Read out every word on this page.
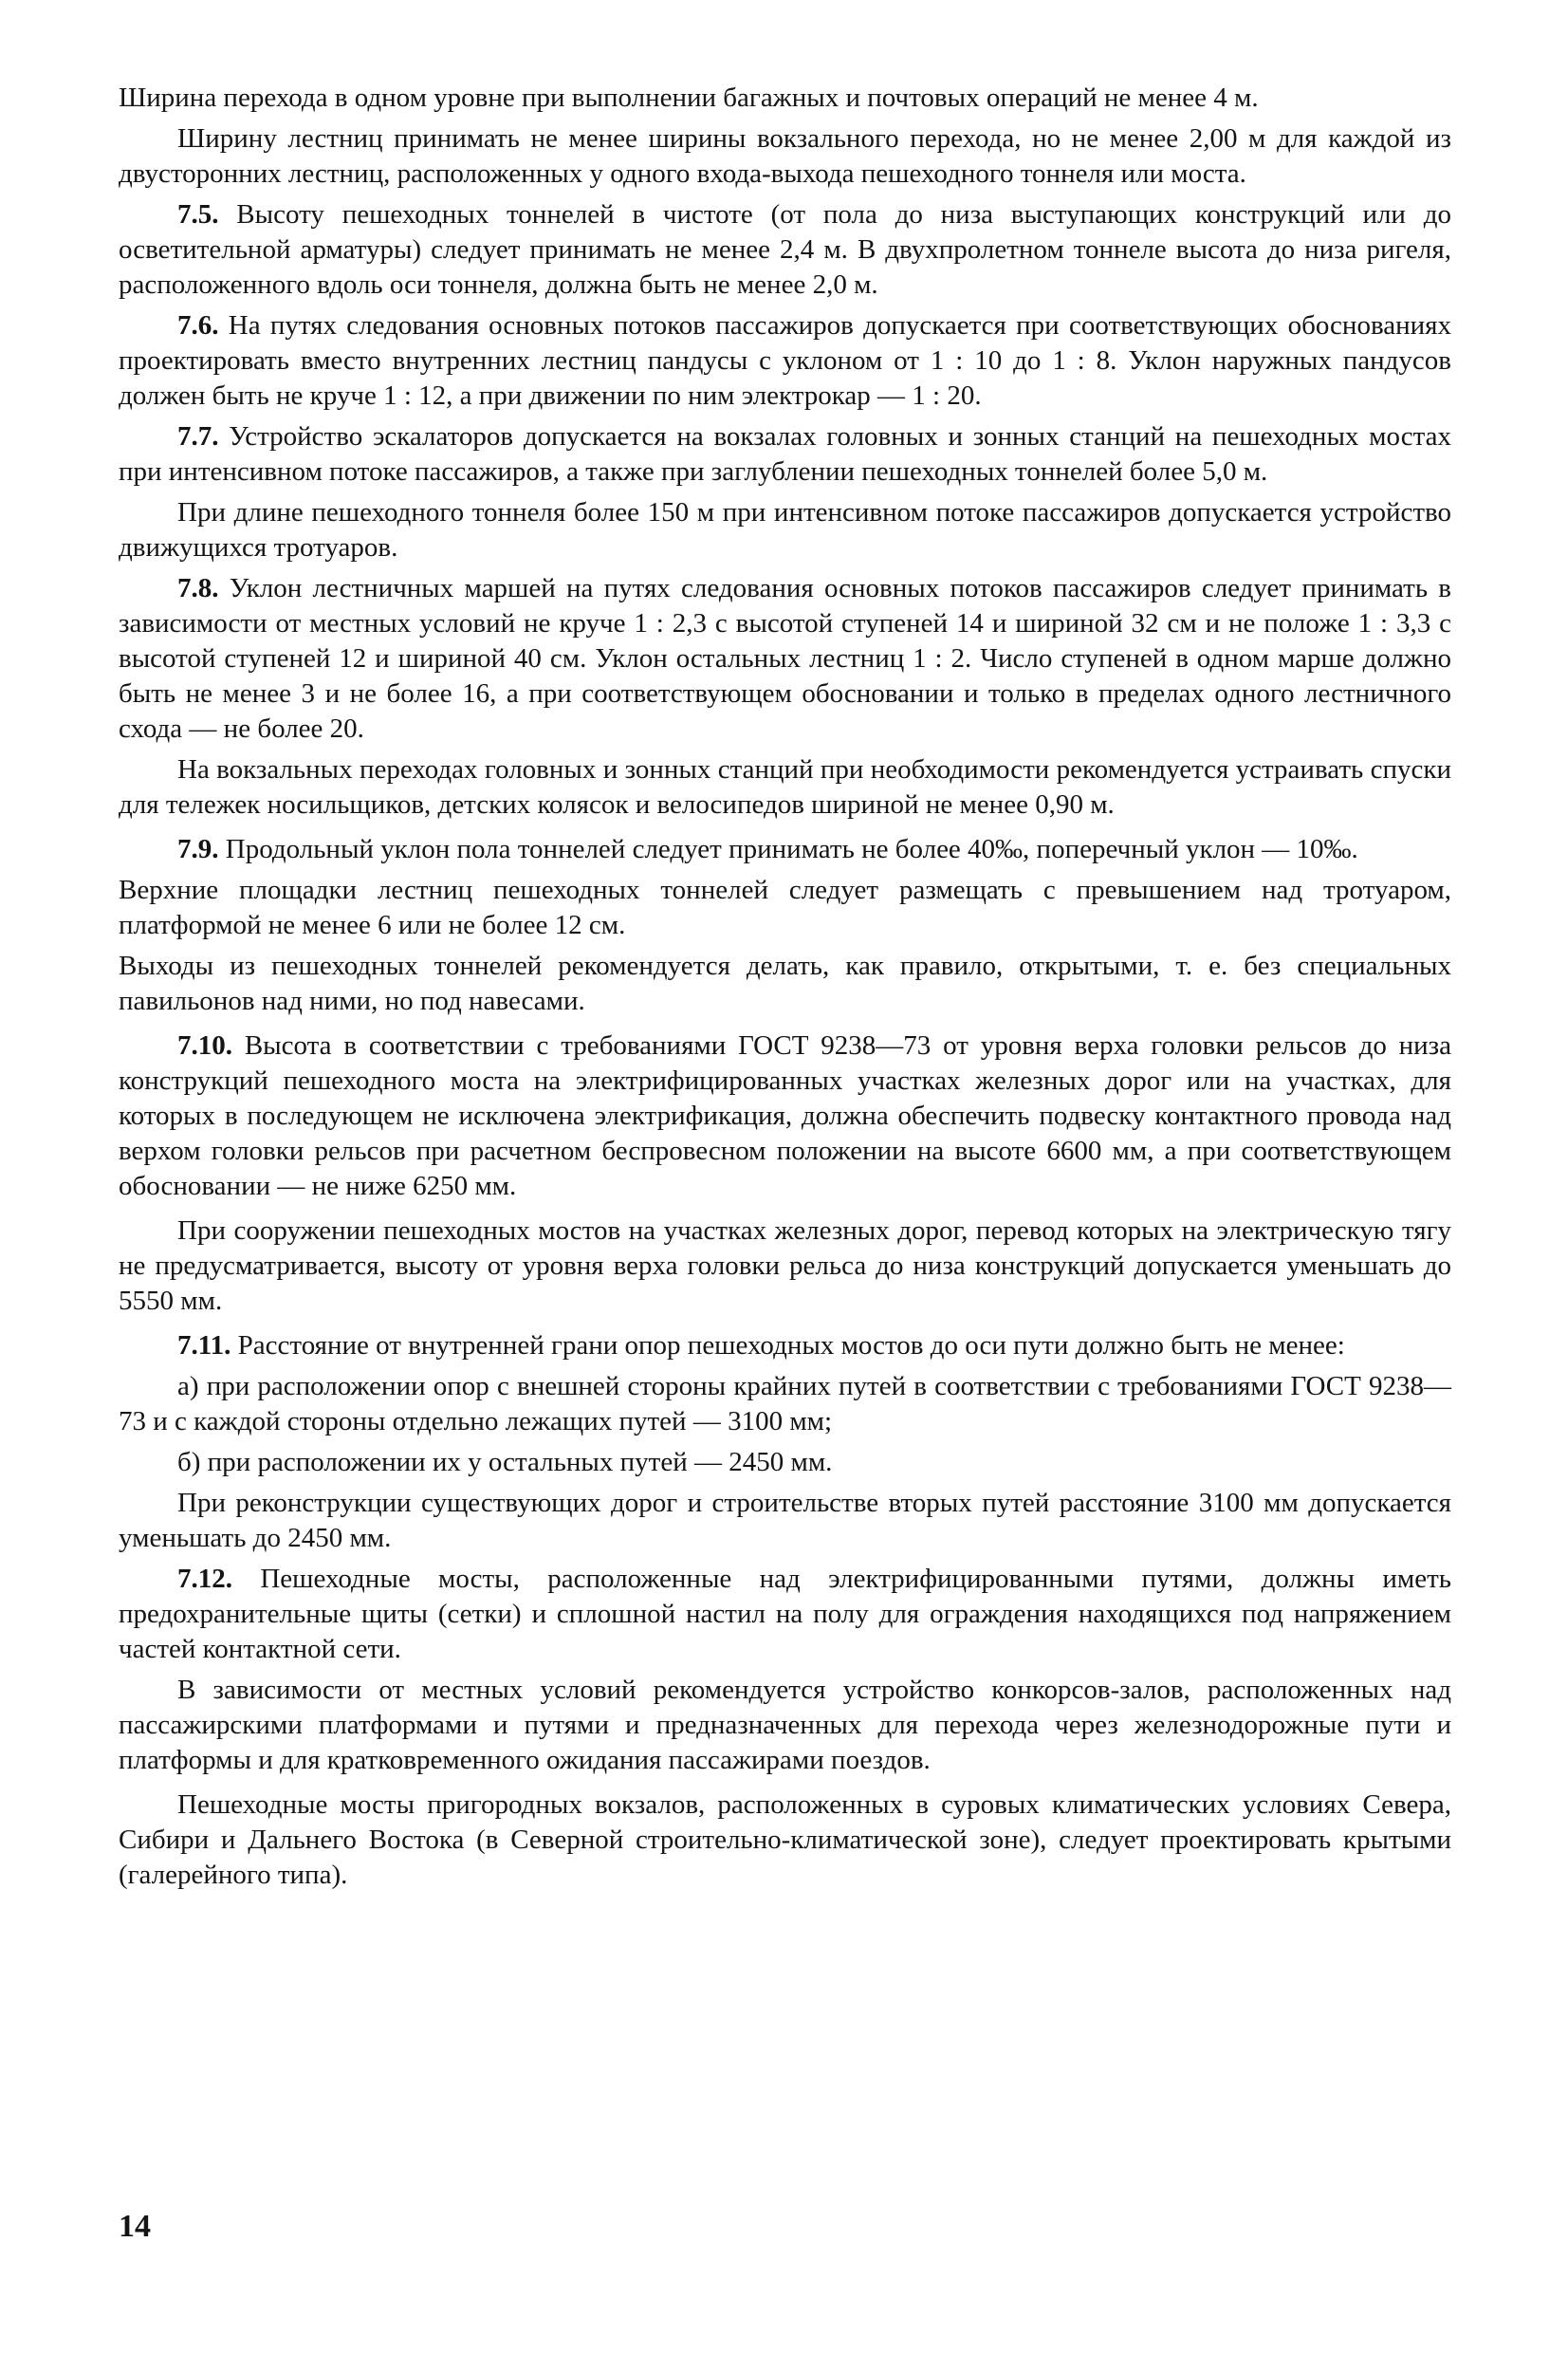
Ширина перехода в одном уровне при выполнении багажных и почтовых операций не менее 4 м.

Ширину лестниц принимать не менее ширины вокзального перехода, но не менее 2,00 м для каждой из двусторонних лестниц, расположенных у одного входа-выхода пешеходного тоннеля или моста.

7.5. Высоту пешеходных тоннелей в чистоте (от пола до низа выступающих конструкций или до осветительной арматуры) следует принимать не менее 2,4 м. В двухпролетном тоннеле высота до низа ригеля, расположенного вдоль оси тоннеля, должна быть не менее 2,0 м.

7.6. На путях следования основных потоков пассажиров допускается при соответствующих обоснованиях проектировать вместо внутренних лестниц пандусы с уклоном от 1 : 10 до 1 : 8. Уклон наружных пандусов должен быть не круче 1 : 12, а при движении по ним электрокар — 1 : 20.

7.7. Устройство эскалаторов допускается на вокзалах головных и зонных станций на пешеходных мостах при интенсивном потоке пассажиров, а также при заглублении пешеходных тоннелей более 5,0 м.

При длине пешеходного тоннеля более 150 м при интенсивном потоке пассажиров допускается устройство движущихся тротуаров.

7.8. Уклон лестничных маршей на путях следования основных потоков пассажиров следует принимать в зависимости от местных условий не круче 1 : 2,3 с высотой ступеней 14 и шириной 32 см и не положе 1 : 3,3 с высотой ступеней 12 и шириной 40 см. Уклон остальных лестниц 1 : 2. Число ступеней в одном марше должно быть не менее 3 и не более 16, а при соответствующем обосновании и только в пределах одного лестничного схода — не более 20.

На вокзальных переходах головных и зонных станций при необходимости рекомендуется устраивать спуски для тележек носильщиков, детских колясок и велосипедов шириной не менее 0,90 м.

7.9. Продольный уклон пола тоннелей следует принимать не более 40‰, поперечный уклон — 10‰.

Верхние площадки лестниц пешеходных тоннелей следует размещать с превышением над тротуаром, платформой не менее 6 или не более 12 см.

Выходы из пешеходных тоннелей рекомендуется делать, как правило, открытыми, т. е. без специальных павильонов над ними, но под навесами.

7.10. Высота в соответствии с требованиями ГОСТ 9238—73 от уровня верха головки рельсов до низа конструкций пешеходного моста на электрифицированных участках железных дорог или на участках, для которых в последующем не исключена электрификация, должна обеспечить подвеску контактного провода над верхом головки рельсов при расчетном беспровесном положении на высоте 6600 мм, а при соответствующем обосновании — не ниже 6250 мм.

При сооружении пешеходных мостов на участках железных дорог, перевод которых на электрическую тягу не предусматривается, высоту от уровня верха головки рельса до низа конструкций допускается уменьшать до 5550 мм.

7.11. Расстояние от внутренней грани опор пешеходных мостов до оси пути должно быть не менее:

а) при расположении опор с внешней стороны крайних путей в соответствии с требованиями ГОСТ 9238—73 и с каждой стороны отдельно лежащих путей — 3100 мм;

б) при расположении их у остальных путей — 2450 мм.

При реконструкции существующих дорог и строительстве вторых путей расстояние 3100 мм допускается уменьшать до 2450 мм.

7.12. Пешеходные мосты, расположенные над электрифицированными путями, должны иметь предохранительные щиты (сетки) и сплошной настил на полу для ограждения находящихся под напряжением частей контактной сети.

В зависимости от местных условий рекомендуется устройство конкорсов-залов, расположенных над пассажирскими платформами и путями и предназначенных для перехода через железнодорожные пути и платформы и для кратковременного ожидания пассажирами поездов.

Пешеходные мосты пригородных вокзалов, расположенных в суровых климатических условиях Севера, Сибири и Дальнего Востока (в Северной строительно-климатической зоне), следует проектировать крытыми (галерейного типа).

14
